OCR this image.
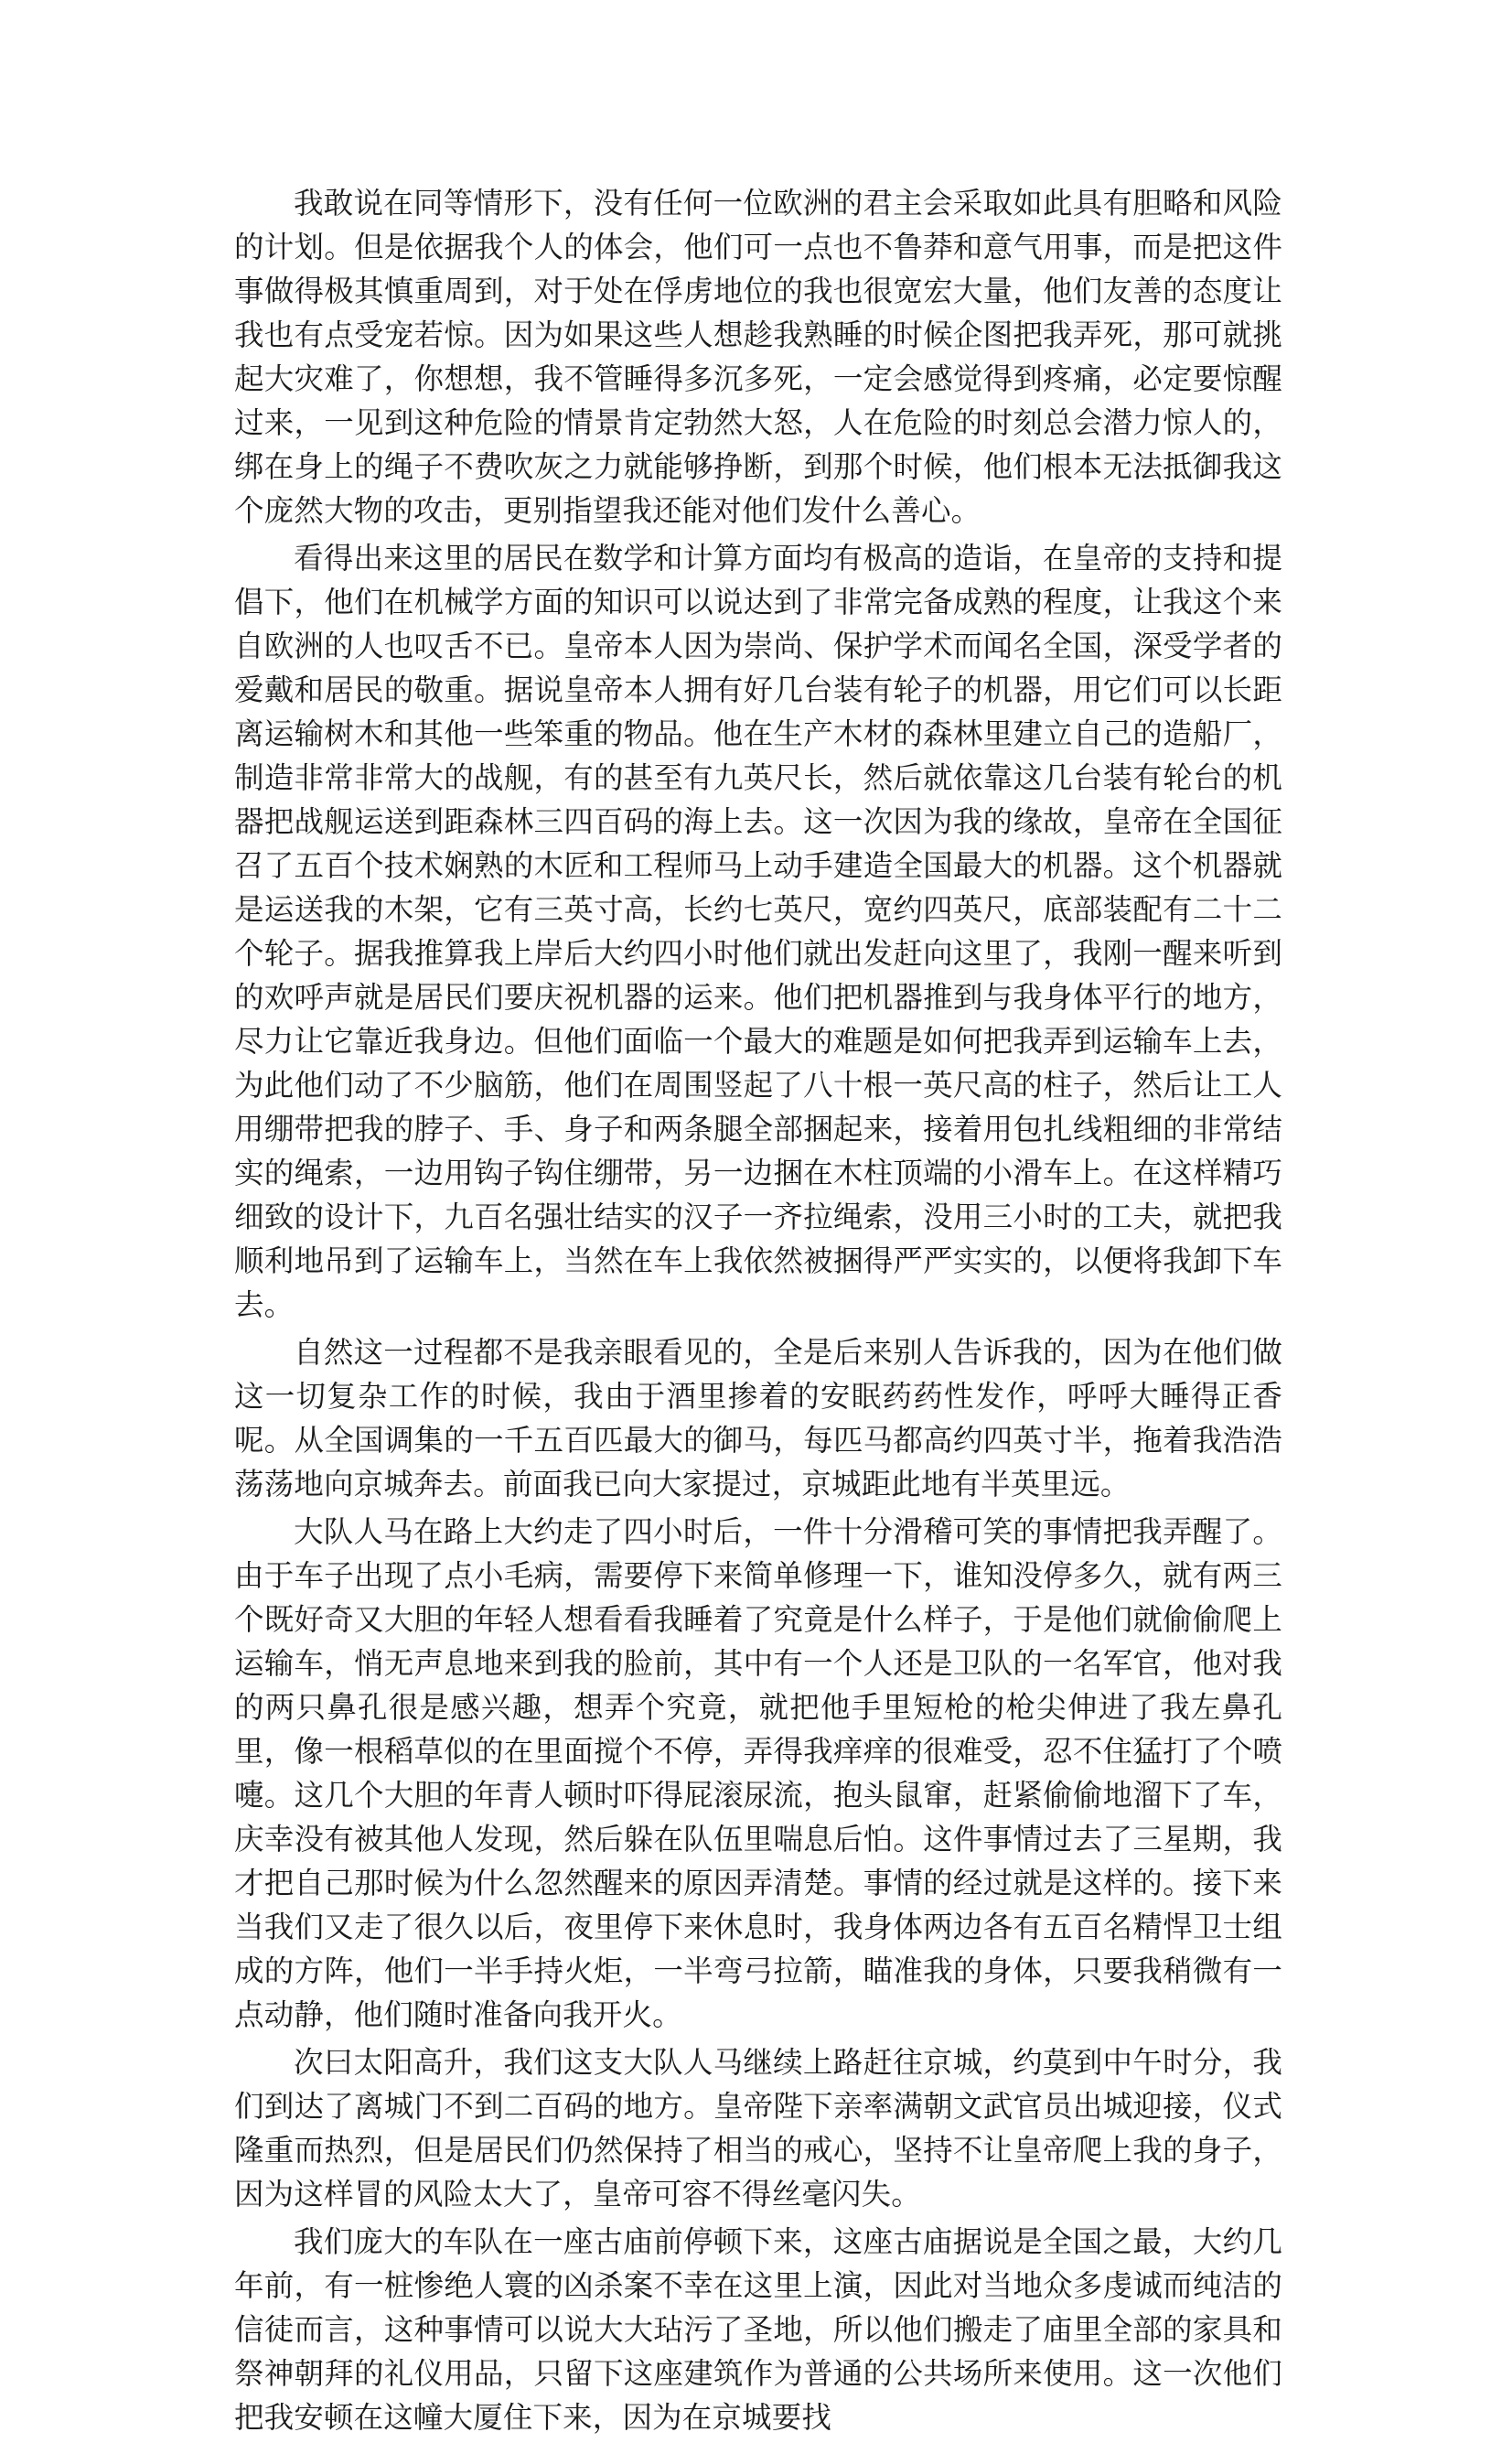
我敢说在同等情形下，没有任何一位欧洲的君主会采取如此具有胆略和风险的计划。但是依据我个人的体会，他们可一点也不鲁莽和意气用事，而是把这件事做得极其慎重周到，对于处在俘虏地位的我也很宽宏大量，他们友善的态度让我也有点受宠若惊。因为如果这些人想趁我熟睡的时候企图把我弄死，那可就挑起大灾难了，你想想，我不管睡得多沉多死，一定会感觉得到疼痛，必定要惊醒过来，一见到这种危险的情景肯定勃然大怒，人在危险的时刻总会潜力惊人的，绑在身上的绳子不费吹灰之力就能够挣断，到那个时候，他们根本无法抵御我这个庞然大物的攻击，更别指望我还能对他们发什么善心。

看得出来这里的居民在数学和计算方面均有极高的造诣，在皇帝的支持和提倡下，他们在机械学方面的知识可以说达到了非常完备成熟的程度，让我这个来自欧洲的人也叹舌不已。皇帝本人因为崇尚、保护学术而闻名全国，深受学者的爱戴和居民的敬重。据说皇帝本人拥有好几台装有轮子的机器，用它们可以长距离运输树木和其他一些笨重的物品。他在生产木材的森林里建立自己的造船厂，制造非常非常大的战舰，有的甚至有九英尺长，然后就依靠这几台装有轮台的机器把战舰运送到距森林三四百码的海上去。这一次因为我的缘故，皇帝在全国征召了五百个技术娴熟的木匠和工程师马上动手建造全国最大的机器。这个机器就是运送我的木架，它有三英寸高，长约七英尺，宽约四英尺，底部装配有二十二个轮子。据我推算我上岸后大约四小时他们就出发赶向这里了，我刚一醒来听到的欢呼声就是居民们要庆祝机器的运来。他们把机器推到与我身体平行的地方，尽力让它靠近我身边。但他们面临一个最大的难题是如何把我弄到运输车上去，为此他们动了不少脑筋，他们在周围竖起了八十根一英尺高的柱子，然后让工人用绷带把我的脖子、手、身子和两条腿全部捆起来，接着用包扎线粗细的非常结实的绳索，一边用钩子钩住绷带，另一边捆在木柱顶端的小滑车上。在这样精巧细致的设计下，九百名强壮结实的汉子一齐拉绳索，没用三小时的工夫，就把我顺利地吊到了运输车上，当然在车上我依然被捆得严严实实的，以便将我卸下车去。

自然这一过程都不是我亲眼看见的，全是后来别人告诉我的，因为在他们做这一切复杂工作的时候，我由于酒里掺着的安眠药药性发作，呼呼大睡得正香呢。从全国调集的一千五百匹最大的御马，每匹马都高约四英寸半，拖着我浩浩荡荡地向京城奔去。前面我已向大家提过，京城距此地有半英里远。

大队人马在路上大约走了四小时后，一件十分滑稽可笑的事情把我弄醒了。由于车子出现了点小毛病，需要停下来简单修理一下，谁知没停多久，就有两三个既好奇又大胆的年轻人想看看我睡着了究竟是什么样子，于是他们就偷偷爬上运输车，悄无声息地来到我的脸前，其中有一个人还是卫队的一名军官，他对我的两只鼻孔很是感兴趣，想弄个究竟，就把他手里短枪的枪尖伸进了我左鼻孔里，像一根稻草似的在里面搅个不停，弄得我痒痒的很难受，忍不住猛打了个喷嚏。这几个大胆的年青人顿时吓得屁滚尿流，抱头鼠窜，赶紧偷偷地溜下了车，庆幸没有被其他人发现，然后躲在队伍里喘息后怕。这件事情过去了三星期，我才把自己那时候为什么忽然醒来的原因弄清楚。事情的经过就是这样的。接下来当我们又走了很久以后，夜里停下来休息时，我身体两边各有五百名精悍卫士组成的方阵，他们一半手持火炬，一半弯弓拉箭，瞄准我的身体，只要我稍微有一点动静，他们随时准备向我开火。

次曰太阳高升，我们这支大队人马继续上路赶往京城，约莫到中午时分，我们到达了离城门不到二百码的地方。皇帝陛下亲率满朝文武官员出城迎接，仪式隆重而热烈，但是居民们仍然保持了相当的戒心，坚持不让皇帝爬上我的身子，因为这样冒的风险太大了，皇帝可容不得丝毫闪失。

我们庞大的车队在一座古庙前停顿下来，这座古庙据说是全国之最，大约几年前，有一桩惨绝人寰的凶杀案不幸在这里上演，因此对当地众多虔诚而纯洁的信徒而言，这种事情可以说大大玷污了圣地，所以他们搬走了庙里全部的家具和祭神朝拜的礼仪用品，只留下这座建筑作为普通的公共场所来使用。这一次他们把我安顿在这幢大厦住下来，因为在京城要找
